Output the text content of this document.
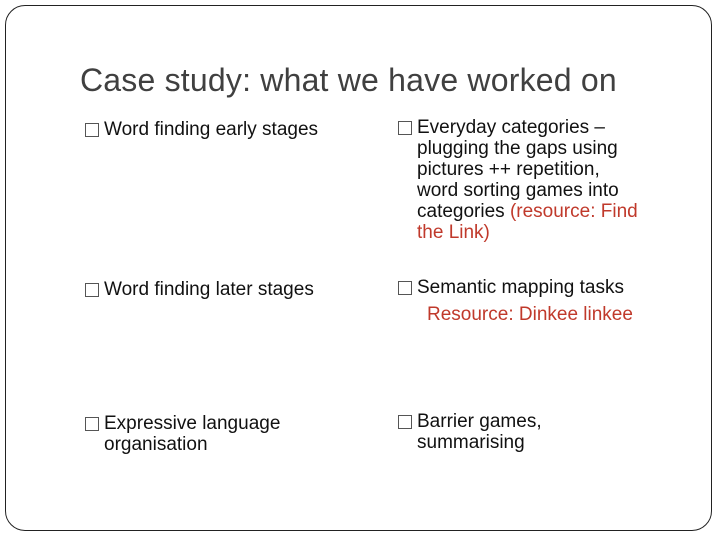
Case study: what we have worked on
Word finding early stages
Word finding later stages
Expressive language
organisation
Everyday categories –
plugging the gaps using
pictures ++ repetition,
word sorting games into
categories (resource: Find
the Link)
Semantic mapping tasks
Resource: Dinkee linkee
Barrier games,
summarising
